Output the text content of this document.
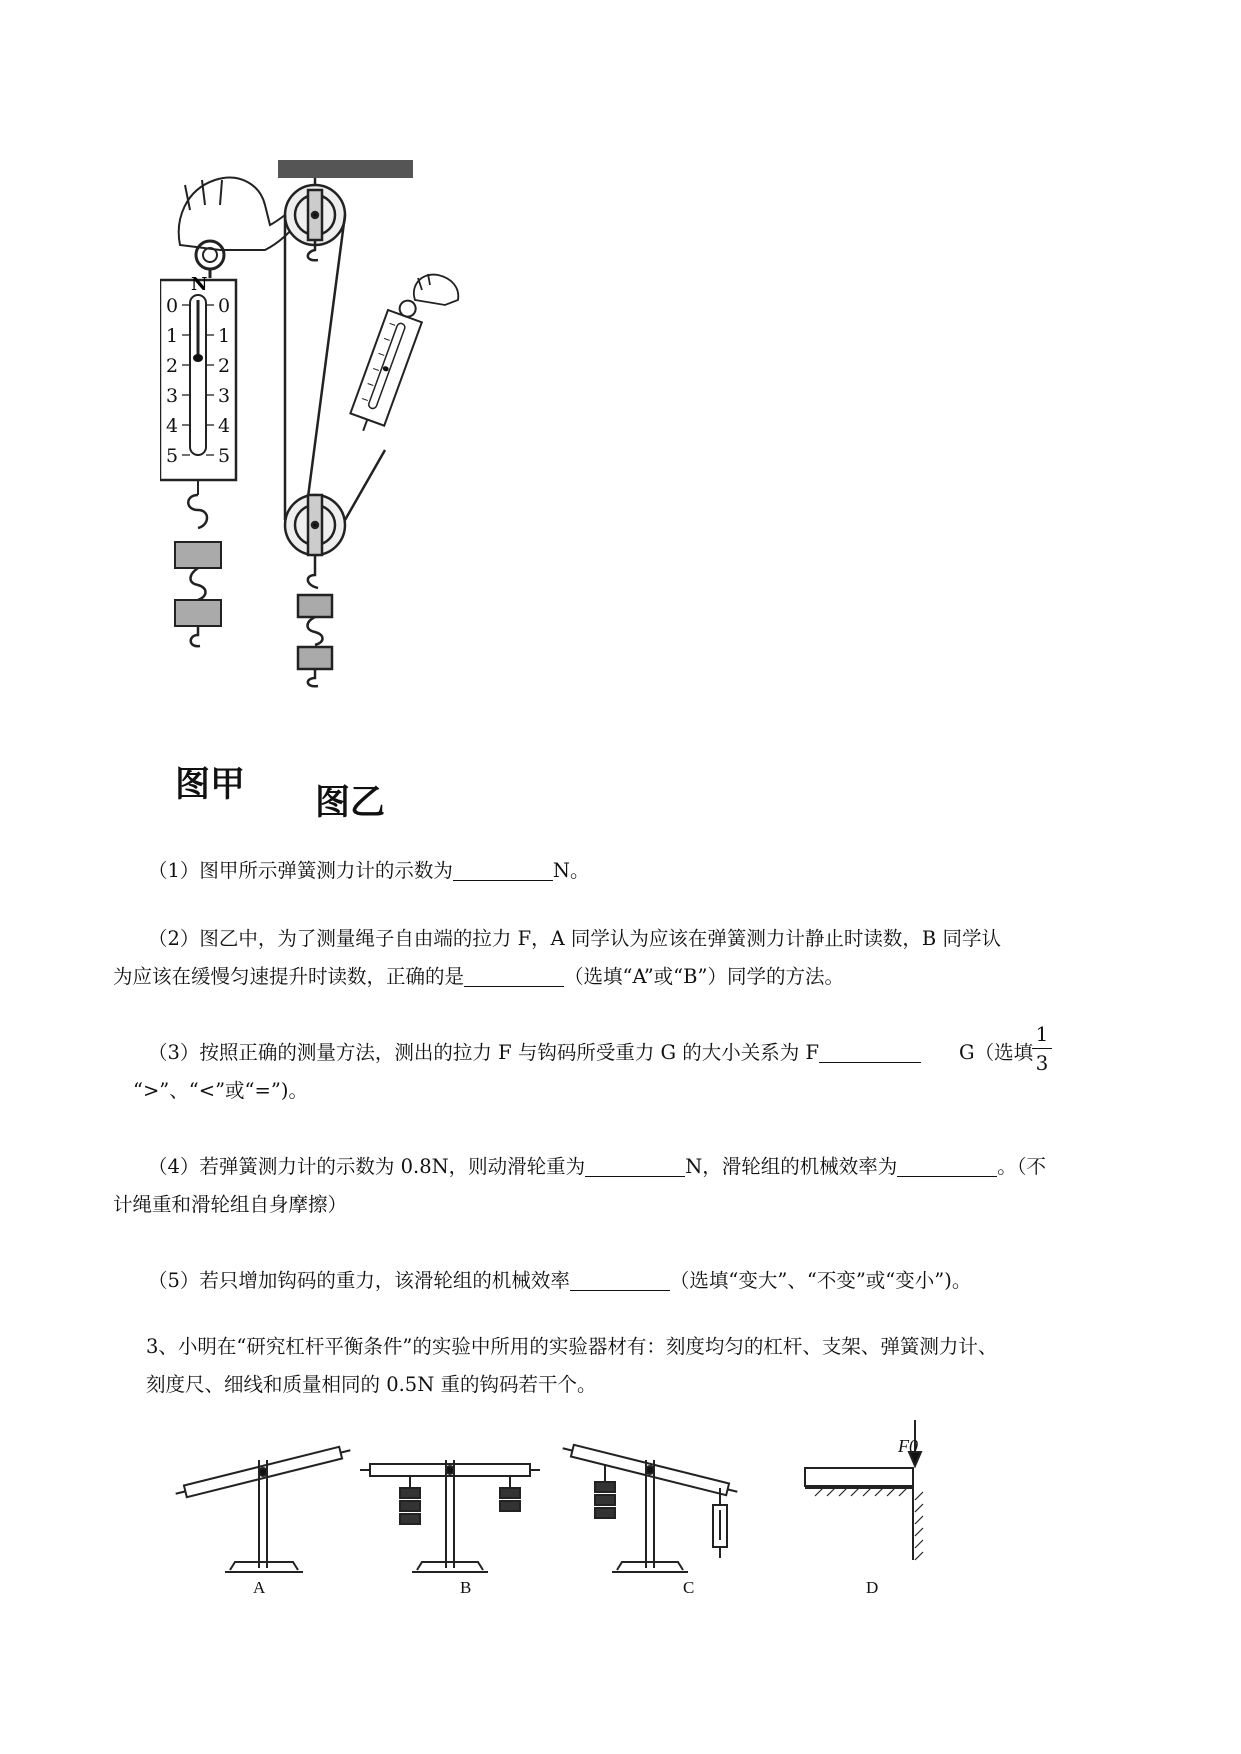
N
0 0
1 1
2 2
3 3
4 4
5 5
图甲 图乙
（1）图甲所示弹簧测力计的示数为	N。
（2）图乙中，为了测量绳子自由端的拉力 F，A 同学认为应该在弹簧测力计静止时读数，B 同学认
为应该在缓慢匀速提升时读数，正确的是	（选填“A”或“B”）同学的方法。
（3）按照正确的测量方法，测出的拉力 F 与钩码所受重力 G 的大小关系为 F	G（选填
“>”、“<”或“=”)。
1
3
（4）若弹簧测力计的示数为 0.8N，则动滑轮重为	N，滑轮组的机械效率为	。（不
计绳重和滑轮组自身摩擦）
（5）若只增加钩码的重力，该滑轮组的机械效率	（选填“变大”、“不变”或“变小”)。
3、小明在“研究杠杆平衡条件”的实验中所用的实验器材有：刻度均匀的杠杆、支架、弹簧测力计、
刻度尺、细线和质量相同的 0.5N 重的钩码若干个。
A	B	C	D
F0
